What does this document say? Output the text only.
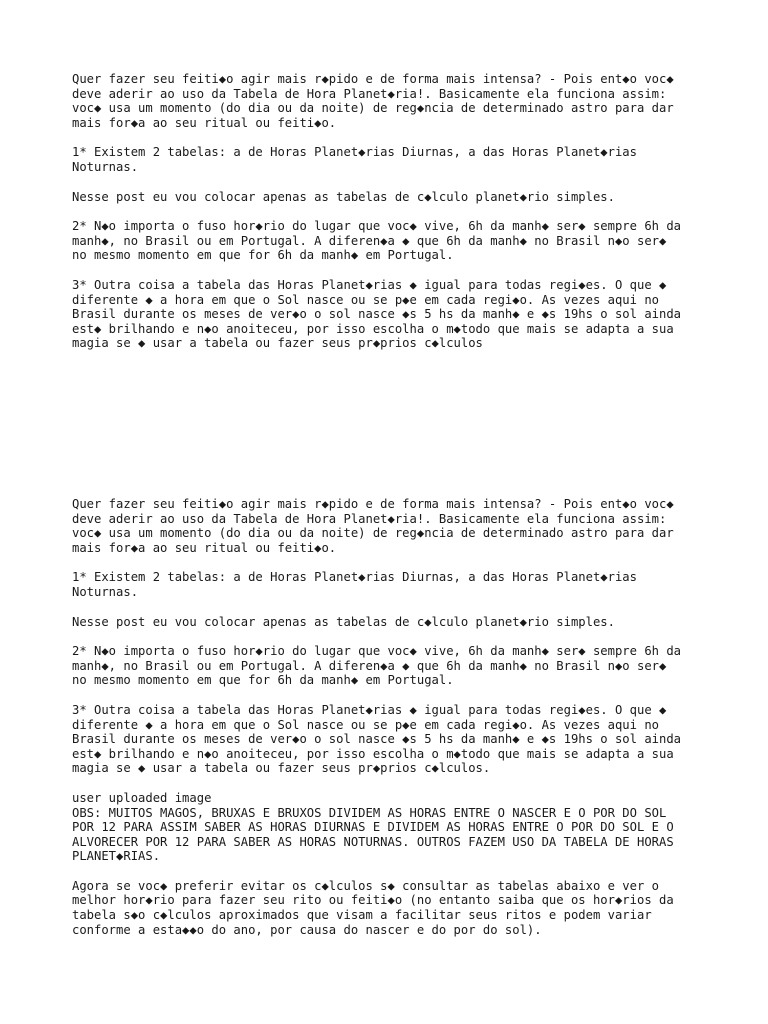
Quer fazer seu feiti◆o agir mais r◆pido e de forma mais intensa? - Pois ent◆o voc◆
deve aderir ao uso da Tabela de Hora Planet◆ria!. Basicamente ela funciona assim:
voc◆ usa um momento (do dia ou da noite) de reg◆ncia de determinado astro para dar
mais for◆a ao seu ritual ou feiti◆o.

1* Existem 2 tabelas: a de Horas Planet◆rias Diurnas, a das Horas Planet◆rias
Noturnas.

Nesse post eu vou colocar apenas as tabelas de c◆lculo planet◆rio simples.

2* N◆o importa o fuso hor◆rio do lugar que voc◆ vive, 6h da manh◆ ser◆ sempre 6h da
manh◆, no Brasil ou em Portugal. A diferen◆a ◆ que 6h da manh◆ no Brasil n◆o ser◆
no mesmo momento em que for 6h da manh◆ em Portugal.

3* Outra coisa a tabela das Horas Planet◆rias ◆ igual para todas regi◆es. O que ◆
diferente ◆ a hora em que o Sol nasce ou se p◆e em cada regi◆o. As vezes aqui no
Brasil durante os meses de ver◆o o sol nasce ◆s 5 hs da manh◆ e ◆s 19hs o sol ainda
est◆ brilhando e n◆o anoiteceu, por isso escolha o m◆todo que mais se adapta a sua
magia se ◆ usar a tabela ou fazer seus pr◆prios c◆lculos

Quer fazer seu feiti◆o agir mais r◆pido e de forma mais intensa? - Pois ent◆o voc◆
deve aderir ao uso da Tabela de Hora Planet◆ria!. Basicamente ela funciona assim:
voc◆ usa um momento (do dia ou da noite) de reg◆ncia de determinado astro para dar
mais for◆a ao seu ritual ou feiti◆o.

1* Existem 2 tabelas: a de Horas Planet◆rias Diurnas, a das Horas Planet◆rias
Noturnas.

Nesse post eu vou colocar apenas as tabelas de c◆lculo planet◆rio simples.

2* N◆o importa o fuso hor◆rio do lugar que voc◆ vive, 6h da manh◆ ser◆ sempre 6h da
manh◆, no Brasil ou em Portugal. A diferen◆a ◆ que 6h da manh◆ no Brasil n◆o ser◆
no mesmo momento em que for 6h da manh◆ em Portugal.

3* Outra coisa a tabela das Horas Planet◆rias ◆ igual para todas regi◆es. O que ◆
diferente ◆ a hora em que o Sol nasce ou se p◆e em cada regi◆o. As vezes aqui no
Brasil durante os meses de ver◆o o sol nasce ◆s 5 hs da manh◆ e ◆s 19hs o sol ainda
est◆ brilhando e n◆o anoiteceu, por isso escolha o m◆todo que mais se adapta a sua
magia se ◆ usar a tabela ou fazer seus pr◆prios c◆lculos.

user uploaded image

OBS: MUITOS MAGOS, BRUXAS E BRUXOS DIVIDEM AS HORAS ENTRE O NASCER E O POR DO SOL
POR 12 PARA ASSIM SABER AS HORAS DIURNAS E DIVIDEM AS HORAS ENTRE O POR DO SOL E O
ALVORECER POR 12 PARA SABER AS HORAS NOTURNAS. OUTROS FAZEM USO DA TABELA DE HORAS
PLANET◆RIAS.

Agora se voc◆ preferir evitar os c◆lculos s◆ consultar as tabelas abaixo e ver o
melhor hor◆rio para fazer seu rito ou feiti◆o (no entanto saiba que os hor◆rios da
tabela s◆o c◆lculos aproximados que visam a facilitar seus ritos e podem variar
conforme a esta◆◆o do ano, por causa do nascer e do por do sol).
